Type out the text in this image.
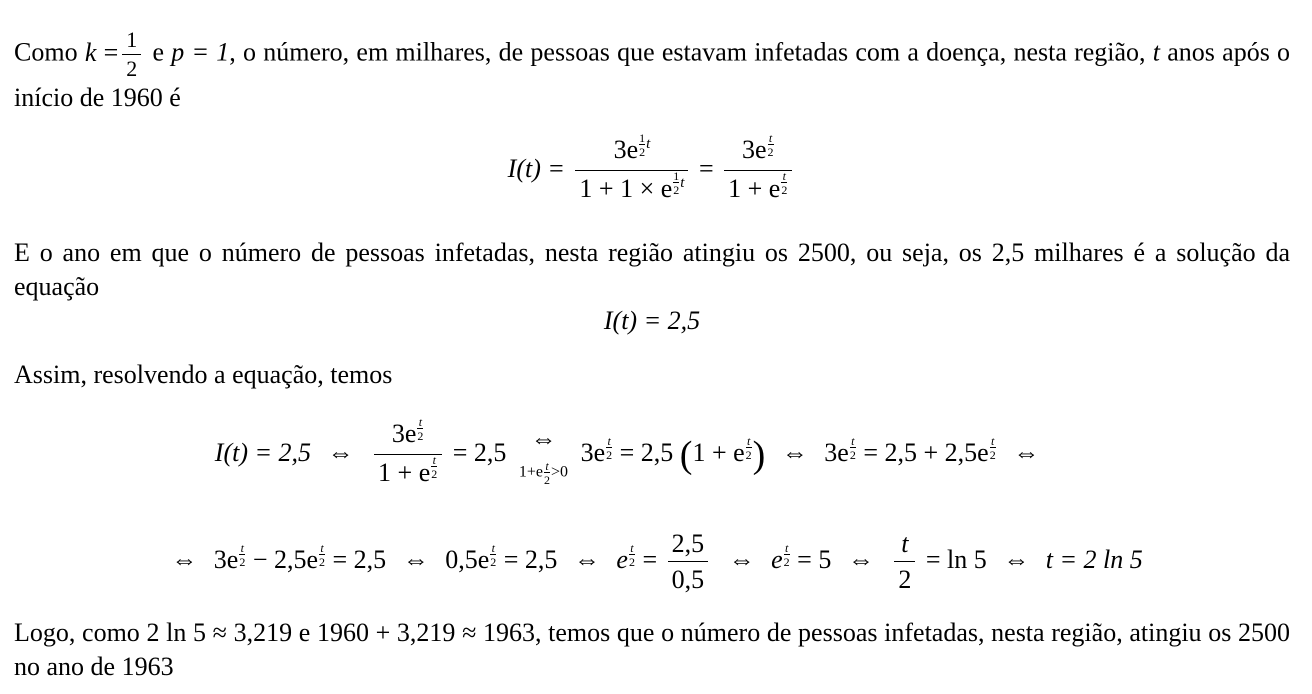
Como $k = \frac{1}{2}$ e p = 1, o número, em milhares, de pessoas que estavam infetadas com a doença, nesta região, t anos após o início de 1960 é
I(t) = 3e $^{\frac{1}{2} t}$
1 + 1 × e $^{\frac{1}{2} t}$ = 3e $^{\frac{t}{2}}$
1 + e $^{\frac{t}{2}}$
E o ano em que o número de pessoas infetadas, nesta região atingiu os 2500, ou seja, os 2,5 milhares é a solução da equação
I(t) = 2,5
Assim, resolvendo a equação, temos
I(t) = 2,5 ⇔ 3e $^{\frac{t}{2}}$
1 + e $^{\frac{t}{2}}$ = 2,5 ⇔
$1+e \frac{t}{2} >0$
3e $^{\frac{t}{2}}$ = 2,5 (1 + e $^{\frac{t}{2}}$ ) ⇔ 3e $^{\frac{t}{2}}$ = 2,5 + 2,5e $^{\frac{t}{2}}$ ⇔
⇔ 3e $^{\frac{t}{2}}$ − 2,5e $^{\frac{t}{2}}$ = 2,5 ⇔ 0,5e $^{\frac{t}{2}}$ = 2,5 ⇔ e $^{\frac{t}{2}} = \frac{2,5}{0,5}$ ⇔ e $^{\frac{t}{2}}$ = 5 ⇔ $\frac{t}{2} = \ln 5$ ⇔ t = 2 ln 5
Logo, como 2 ln 5 ≈ 3,219 e 1960 + 3,219 ≈ 1963, temos que o número de pessoas infetadas, nesta região, atingiu os 2500 no ano de 1963
